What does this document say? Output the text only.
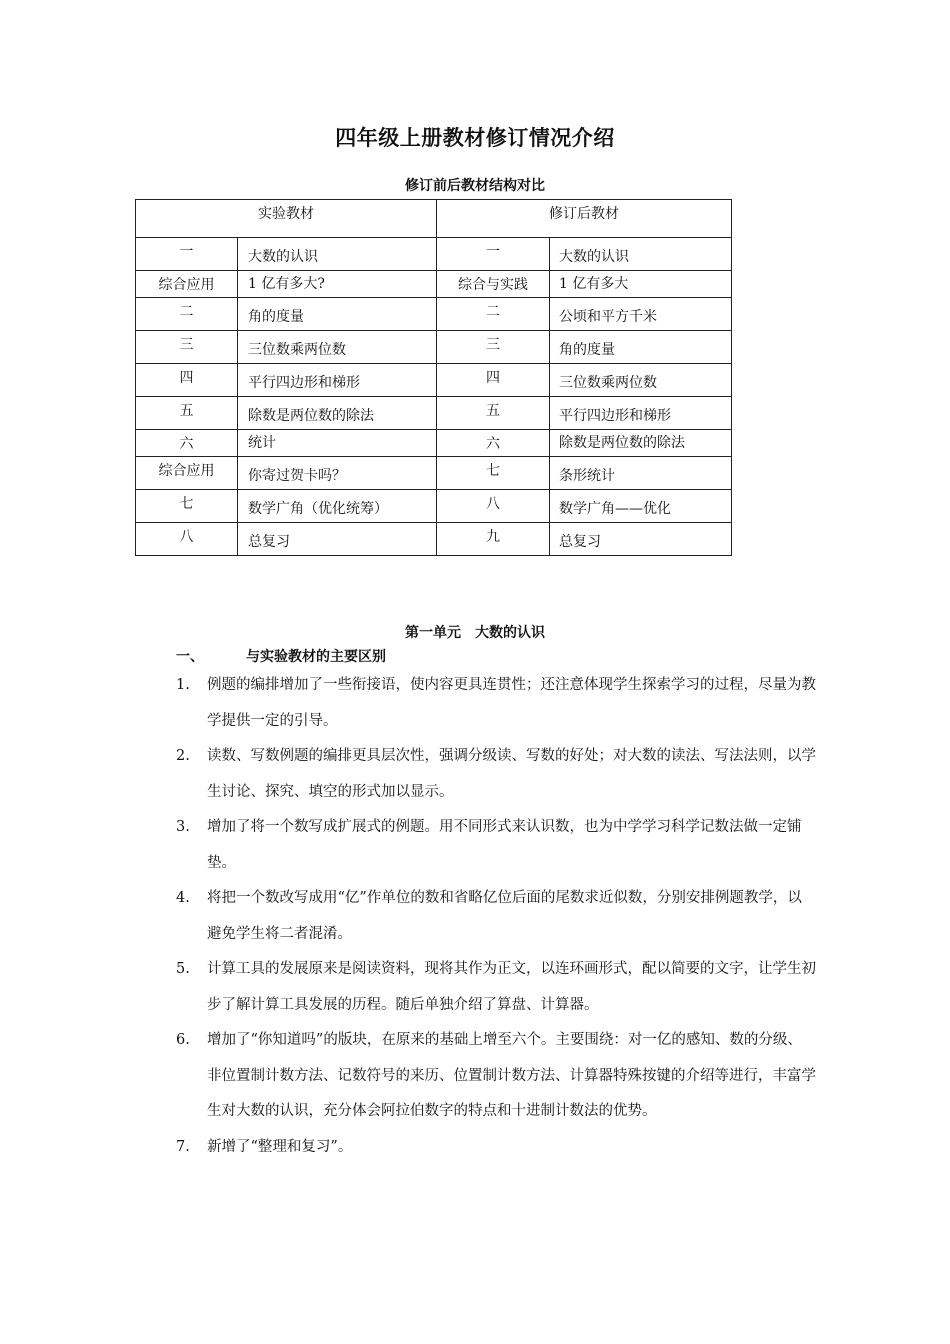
四年级上册教材修订情况介绍
修订前后教材结构对比
实验教材		修订后教材	
一	大数的认识	一	大数的认识
综合应用	1 亿有多大?	综合与实践	1 亿有多大
二	角的度量	二	公顷和平方千米
三	三位数乘两位数	三	角的度量
四	平行四边形和梯形	四	三位数乘两位数
五	除数是两位数的除法	五	平行四边形和梯形
六	统计	六	除数是两位数的除法
综合应用	你寄过贺卡吗？	七	条形统计
七	数学广角（优化统筹）	八	数学广角——优化
八	总复习	九	总复习
第一单元　大数的认识
一、	与实验教材的主要区别
1. 例题的编排增加了一些衔接语，使内容更具连贯性；还注意体现学生探索学习的过程，尽量为教学提供一定的引导。
2. 读数、写数例题的编排更具层次性，强调分级读、写数的好处；对大数的读法、写法法则，以学生讨论、探究、填空的形式加以显示。
3. 增加了将一个数写成扩展式的例题。用不同形式来认识数，也为中学学习科学记数法做一定铺垫。
4. 将把一个数改写成用“亿”作单位的数和省略亿位后面的尾数求近似数，分别安排例题教学，以避免学生将二者混淆。
5. 计算工具的发展原来是阅读资料，现将其作为正文，以连环画形式，配以简要的文字，让学生初步了解计算工具发展的历程。随后单独介绍了算盘、计算器。
6. 增加了“你知道吗”的版块，在原来的基础上增至六个。主要围绕：对一亿的感知、数的分级、非位置制计数方法、记数符号的来历、位置制计数方法、计算器特殊按键的介绍等进行，丰富学生对大数的认识，充分体会阿拉伯数字的特点和十进制计数法的优势。
7. 新增了“整理和复习”。
